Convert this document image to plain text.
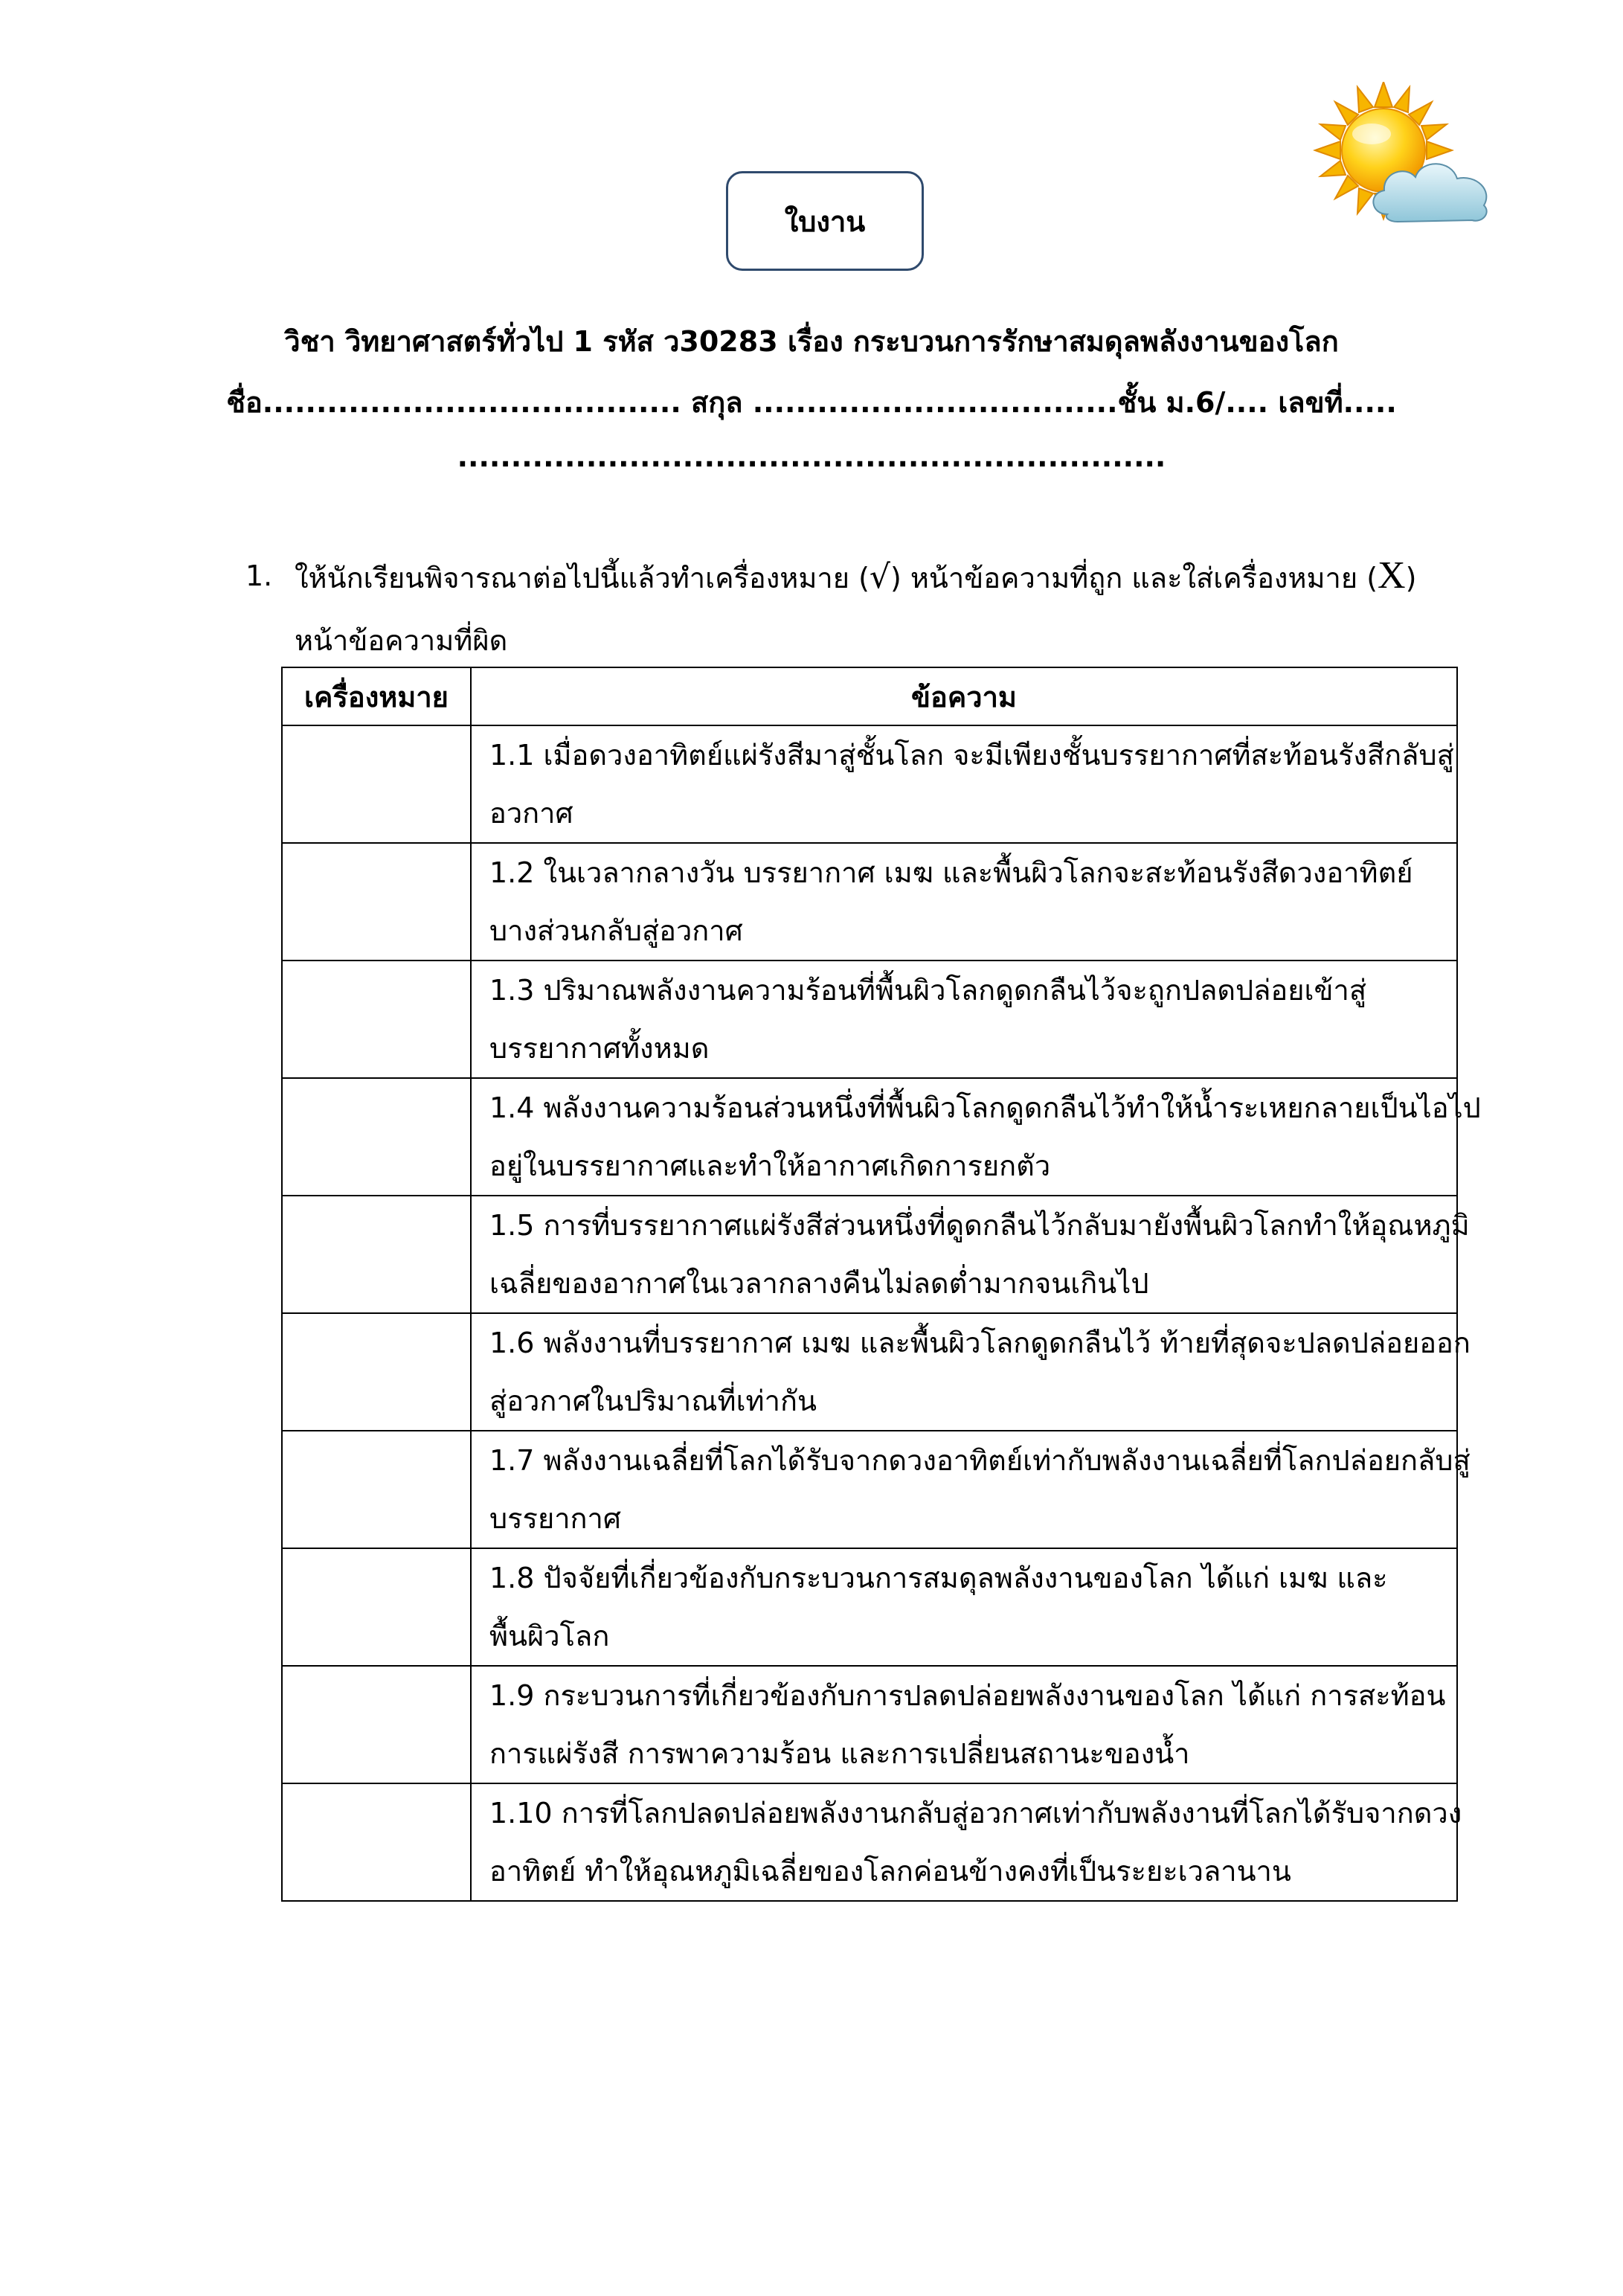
ใบงาน
วิชา วิทยาศาสตร์ทั่วไป 1 รหัส ว30283 เรื่อง กระบวนการรักษาสมดุลพลังงานของโลก
ชื่อ....................................... สกุล ..................................ชั้น ม.6/.... เลขที่.....
..................................................................
1. ให้นักเรียนพิจารณาต่อไปนี้แล้วทำเครื่องหมาย (√) หน้าข้อความที่ถูก และใส่เครื่องหมาย (X)
หน้าข้อความที่ผิด
เครื่องหมาย	ข้อความ

	1.1 เมื่อดวงอาทิตย์แผ่รังสีมาสู่ชั้นโลก จะมีเพียงชั้นบรรยากาศที่สะท้อนรังสีกลับสู่
อวกาศ

	1.2 ในเวลากลางวัน บรรยากาศ เมฆ และพื้นผิวโลกจะสะท้อนรังสีดวงอาทิตย์
บางส่วนกลับสู่อวกาศ

	1.3 ปริมาณพลังงานความร้อนที่พื้นผิวโลกดูดกลืนไว้จะถูกปลดปล่อยเข้าสู่
บรรยากาศทั้งหมด

	1.4 พลังงานความร้อนส่วนหนึ่งที่พื้นผิวโลกดูดกลืนไว้ทำให้น้ำระเหยกลายเป็นไอไป
อยู่ในบรรยากาศและทำให้อากาศเกิดการยกตัว

	1.5 การที่บรรยากาศแผ่รังสีส่วนหนึ่งที่ดูดกลืนไว้กลับมายังพื้นผิวโลกทำให้อุณหภูมิ
เฉลี่ยของอากาศในเวลากลางคืนไม่ลดต่ำมากจนเกินไป

	1.6 พลังงานที่บรรยากาศ เมฆ และพื้นผิวโลกดูดกลืนไว้ ท้ายที่สุดจะปลดปล่อยออก
สู่อวกาศในปริมาณที่เท่ากัน

	1.7 พลังงานเฉลี่ยที่โลกได้รับจากดวงอาทิตย์เท่ากับพลังงานเฉลี่ยที่โลกปล่อยกลับสู่
บรรยากาศ

	1.8 ปัจจัยที่เกี่ยวข้องกับกระบวนการสมดุลพลังงานของโลก ได้แก่ เมฆ และ
พื้นผิวโลก

	1.9 กระบวนการที่เกี่ยวข้องกับการปลดปล่อยพลังงานของโลก ได้แก่ การสะท้อน
การแผ่รังสี การพาความร้อน และการเปลี่ยนสถานะของน้ำ

	1.10 การที่โลกปลดปล่อยพลังงานกลับสู่อวกาศเท่ากับพลังงานที่โลกได้รับจากดวง
อาทิตย์ ทำให้อุณหภูมิเฉลี่ยของโลกค่อนข้างคงที่เป็นระยะเวลานาน
